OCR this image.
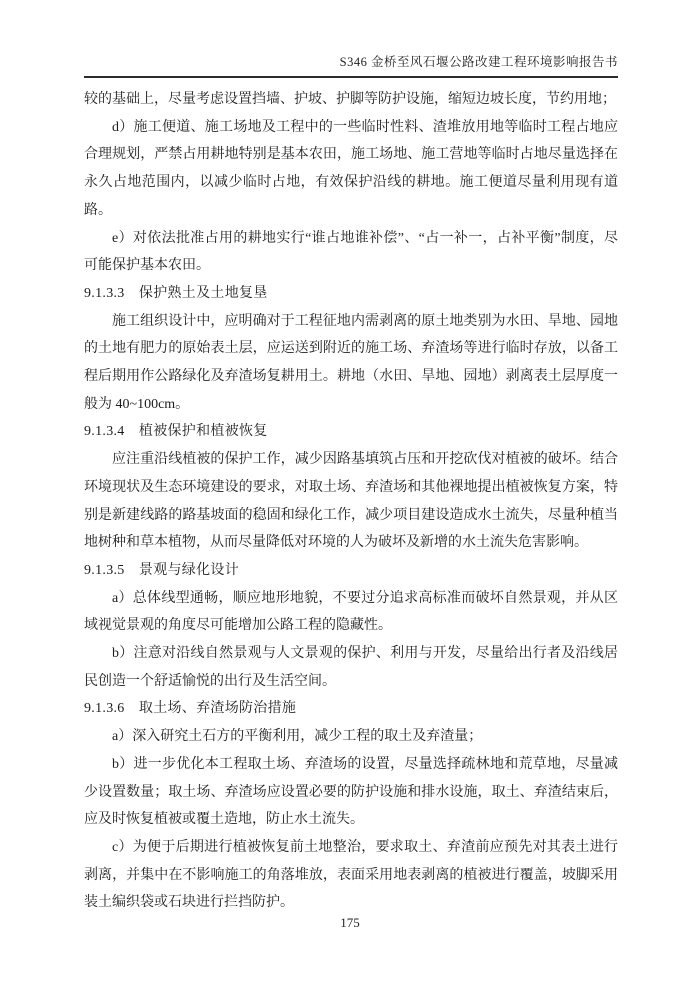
S346 金桥至风石堰公路改建工程环境影响报告书
较的基础上，尽量考虑设置挡墙、护坡、护脚等防护设施，缩短边坡长度，节约用地；
d）施工便道、施工场地及工程中的一些临时性料、渣堆放用地等临时工程占地应合理规划，严禁占用耕地特别是基本农田，施工场地、施工营地等临时占地尽量选择在永久占地范围内，以减少临时占地，有效保护沿线的耕地。施工便道尽量利用现有道路。
e）对依法批准占用的耕地实行“谁占地谁补偿”、“占一补一，占补平衡”制度，尽可能保护基本农田。
9.1.3.3　保护熟土及土地复垦
施工组织设计中，应明确对于工程征地内需剥离的原土地类别为水田、旱地、园地的土地有肥力的原始表土层，应运送到附近的施工场、弃渣场等进行临时存放，以备工程后期用作公路绿化及弃渣场复耕用土。耕地（水田、旱地、园地）剥离表土层厚度一般为 40~100cm。
9.1.3.4　植被保护和植被恢复
应注重沿线植被的保护工作，减少因路基填筑占压和开挖砍伐对植被的破坏。结合环境现状及生态环境建设的要求，对取土场、弃渣场和其他裸地提出植被恢复方案，特别是新建线路的路基坡面的稳固和绿化工作，减少项目建设造成水土流失，尽量种植当地树种和草本植物，从而尽量降低对环境的人为破坏及新增的水土流失危害影响。
9.1.3.5　景观与绿化设计
a）总体线型通畅，顺应地形地貌，不要过分追求高标准而破坏自然景观，并从区域视觉景观的角度尽可能增加公路工程的隐藏性。
b）注意对沿线自然景观与人文景观的保护、利用与开发，尽量给出行者及沿线居民创造一个舒适愉悦的出行及生活空间。
9.1.3.6　取土场、弃渣场防治措施
a）深入研究土石方的平衡利用，减少工程的取土及弃渣量；
b）进一步优化本工程取土场、弃渣场的设置，尽量选择疏林地和荒草地，尽量减少设置数量；取土场、弃渣场应设置必要的防护设施和排水设施，取土、弃渣结束后，应及时恢复植被或覆土造地，防止水土流失。
c）为便于后期进行植被恢复前土地整治，要求取土、弃渣前应预先对其表土进行剥离，并集中在不影响施工的角落堆放，表面采用地表剥离的植被进行覆盖，坡脚采用装土编织袋或石块进行拦挡防护。
175
